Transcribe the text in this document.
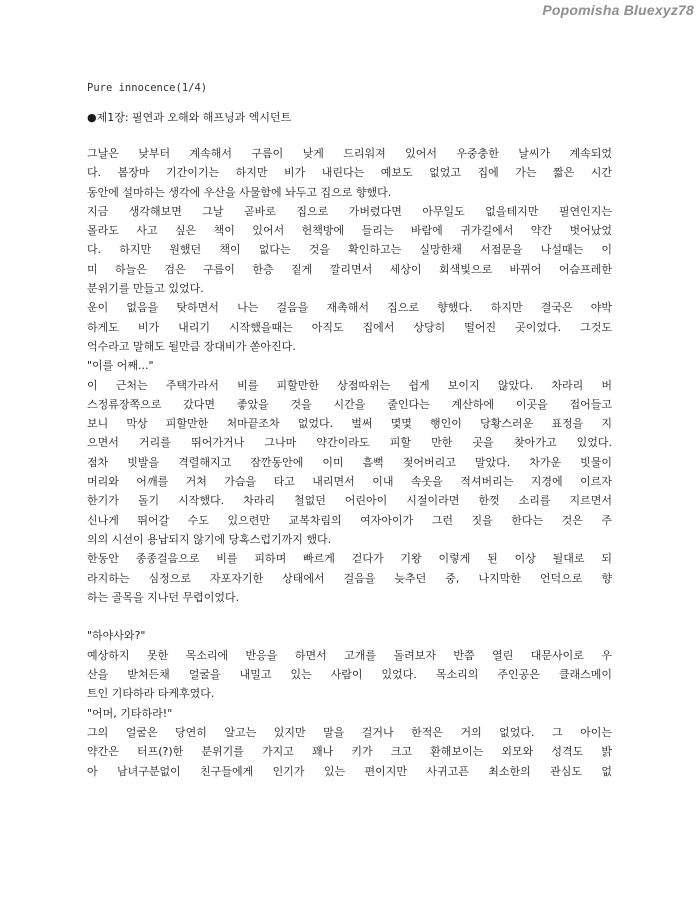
Popomisha Bluexyz78

Pure innocence(1/4)

●제1장: 필연과 오해와 해프닝과 엑시던트

그날은 낮부터 계속해서 구름이 낮게 드리워져 있어서 우중충한 날씨가 계속되었
다. 봄장마 기간이기는 하지만 비가 내린다는 예보도 없었고 집에 가는 짧은 시간
동안에 설마하는 생각에 우산을 사물함에 놔두고 집으로 향했다.
지금 생각해보면 그날 곧바로 집으로 가버렸다면 아무일도 없을테지만 필연인지는
몰라도 사고 싶은 책이 있어서 헌책방에 들리는 바람에 귀가길에서 약간 벗어났었
다. 하지만 원했던 책이 없다는 것을 확인하고는 실망한채 서점문을 나설때는 이
미 하늘은 검은 구름이 한층 짙게 깔리면서 세상이 회색빛으로 바뀌어 어슴프레한
분위기를 만들고 있었다.
운이 없음을 탓하면서 나는 걸음을 재촉해서 집으로 향했다. 하지만 결국은 야박
하게도 비가 내리기 시작했을때는 아직도 집에서 상당히 떨어진 곳이었다. 그것도
억수라고 말해도 될만큼 장대비가 쏟아진다.
"이를 어째..."
이 근처는 주택가라서 비를 피할만한 상점따위는 쉽게 보이지 않았다. 차라리 버
스정류장쪽으로 갔다면 좋았을 것을 시간을 줄인다는 계산하에 이곳을 접어들고
보니 막상 피할만한 처마끝조차 없었다. 벌써 몇몇 행인이 당황스러운 표정을 지
으면서 거리를 뛰어가거나 그나마 약간이라도 피할 만한 곳을 찾아가고 있었다.
점차 빗발을 격렬해지고 잠깐동안에 이미 흠뻑 젖어버리고 말았다. 차가운 빗물이
머리와 어깨를 거쳐 가슴을 타고 내리면서 이내 속옷을 적셔버리는 지경에 이르자
한기가 돌기 시작했다. 차라리 철없던 어린아이 시절이라면 한껏 소리를 지르면서
신나게 뛰어갈 수도 있으련만 교복차림의 여자아이가 그런 짓을 한다는 것은 주
의의 시선이 용납되지 않기에 당혹스럽기까지 했다.
한동안 종종걸음으로 비를 피하며 빠르게 걷다가 기왕 이렇게 된 이상 될대로 되
라지하는 심정으로 자포자기한 상태에서 걸음을 늦추던 중, 나지막한 언덕으로 향
하는 골목을 지나던 무렵이었다.
"하야사와?"
예상하지 못한 목소리에 반응을 하면서 고개를 돌려보자 반쯤 열린 대문사이로 우
산을 받쳐든채 얼굴을 내밀고 있는 사람이 있었다. 목소리의 주인공은 클래스메이
트인 기타하라 타케후였다.
"어머, 기타하라!"
그의 얼굴은 당연히 알고는 있지만 말을 걸거나 한적은 거의 없었다. 그 아이는
약간은 터프(?)한 분위기를 가지고 꽤나 키가 크고 환해보이는 외모와 성격도 밝
아 남녀구분없이 친구들에게 인기가 있는 편이지만 사귀고픈 최소한의 관심도 없
